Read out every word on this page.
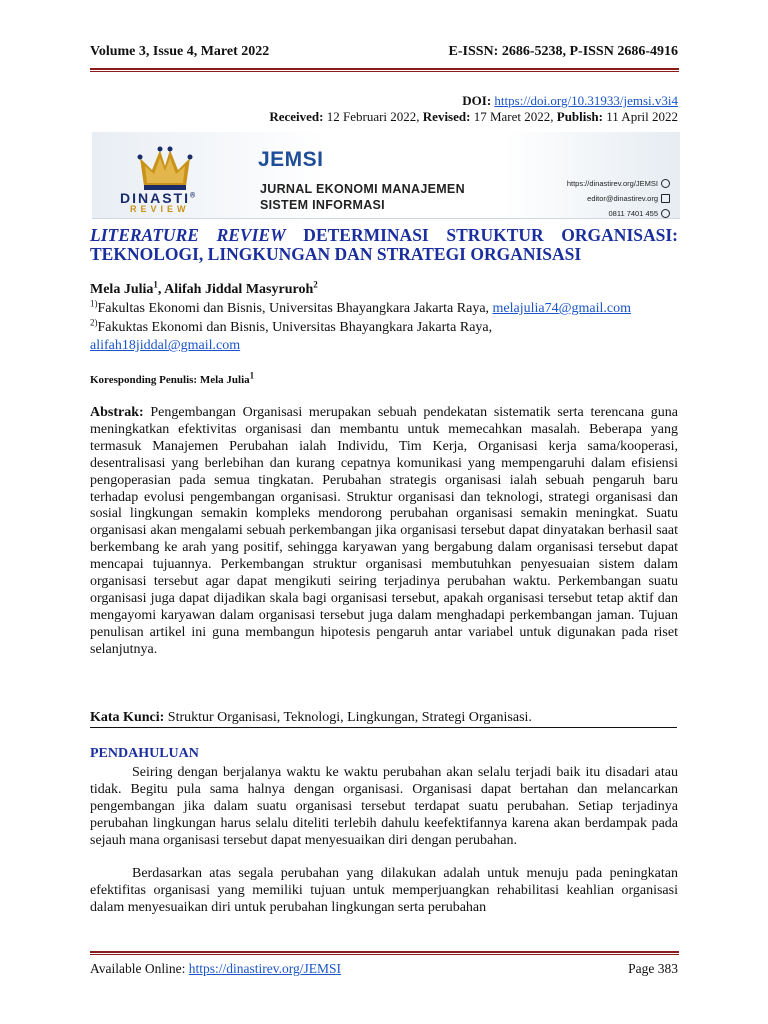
Volume 3, Issue 4, Maret 2022	E-ISSN: 2686-5238, P-ISSN 2686-4916
DOI: https://doi.org/10.31933/jemsi.v3i4
Received: 12 Februari 2022, Revised: 17 Maret 2022, Publish: 11 April 2022
DINASTI®
REVIEW
JEMSI
JURNAL EKONOMI MANAJEMEN
SISTEM INFORMASI
https://dinastirev.org/JEMSI
editor@dinastirev.org
0811 7401 455
LITERATURE REVIEW DETERMINASI STRUKTUR ORGANISASI: TEKNOLOGI, LINGKUNGAN DAN STRATEGI ORGANISASI
Mela Julia$^1$, Alifah Jiddal Masyruroh$^2$
$^{1)}$Fakultas Ekonomi dan Bisnis, Universitas Bhayangkara Jakarta Raya, melajulia74@gmail.com
$^{2)}$Fakuktas Ekonomi dan Bisnis, Universitas Bhayangkara Jakarta Raya,
alifah18jiddal@gmail.com
Koresponding Penulis: Mela Julia$^1$
Abstrak: Pengembangan Organisasi merupakan sebuah pendekatan sistematik serta terencana guna meningkatkan efektivitas organisasi dan membantu untuk memecahkan masalah. Beberapa yang termasuk Manajemen Perubahan ialah Individu, Tim Kerja, Organisasi kerja sama/kooperasi, desentralisasi yang berlebihan dan kurang cepatnya komunikasi yang mempengaruhi dalam efisiensi pengoperasian pada semua tingkatan. Perubahan strategis organisasi ialah sebuah pengaruh baru terhadap evolusi pengembangan organisasi. Struktur organisasi dan teknologi, strategi organisasi dan sosial lingkungan semakin kompleks mendorong perubahan organisasi semakin meningkat. Suatu organisasi akan mengalami sebuah perkembangan jika organisasi tersebut dapat dinyatakan berhasil saat berkembang ke arah yang positif, sehingga karyawan yang bergabung dalam organisasi tersebut dapat mencapai tujuannya. Perkembangan struktur organisasi membutuhkan penyesuaian sistem dalam organisasi tersebut agar dapat mengikuti seiring terjadinya perubahan waktu. Perkembangan suatu organisasi juga dapat dijadikan skala bagi organisasi tersebut, apakah organisasi tersebut tetap aktif dan mengayomi karyawan dalam organisasi tersebut juga dalam menghadapi perkembangan jaman. Tujuan penulisan artikel ini guna membangun hipotesis pengaruh antar variabel untuk digunakan pada riset selanjutnya.
Kata Kunci: Struktur Organisasi, Teknologi, Lingkungan, Strategi Organisasi.
PENDAHULUAN
Seiring dengan berjalanya waktu ke waktu perubahan akan selalu terjadi baik itu disadari atau tidak. Begitu pula sama halnya dengan organisasi. Organisasi dapat bertahan dan melancarkan pengembangan jika dalam suatu organisasi tersebut terdapat suatu perubahan. Setiap terjadinya perubahan lingkungan harus selalu diteliti terlebih dahulu keefektifannya karena akan berdampak pada sejauh mana organisasi tersebut dapat menyesuaikan diri dengan perubahan.
Berdasarkan atas segala perubahan yang dilakukan adalah untuk menuju pada peningkatan efektifitas organisasi yang memiliki tujuan untuk memperjuangkan rehabilitasi keahlian organisasi dalam menyesuaikan diri untuk perubahan lingkungan serta perubahan
Available Online: https://dinastirev.org/JEMSI	Page 383
